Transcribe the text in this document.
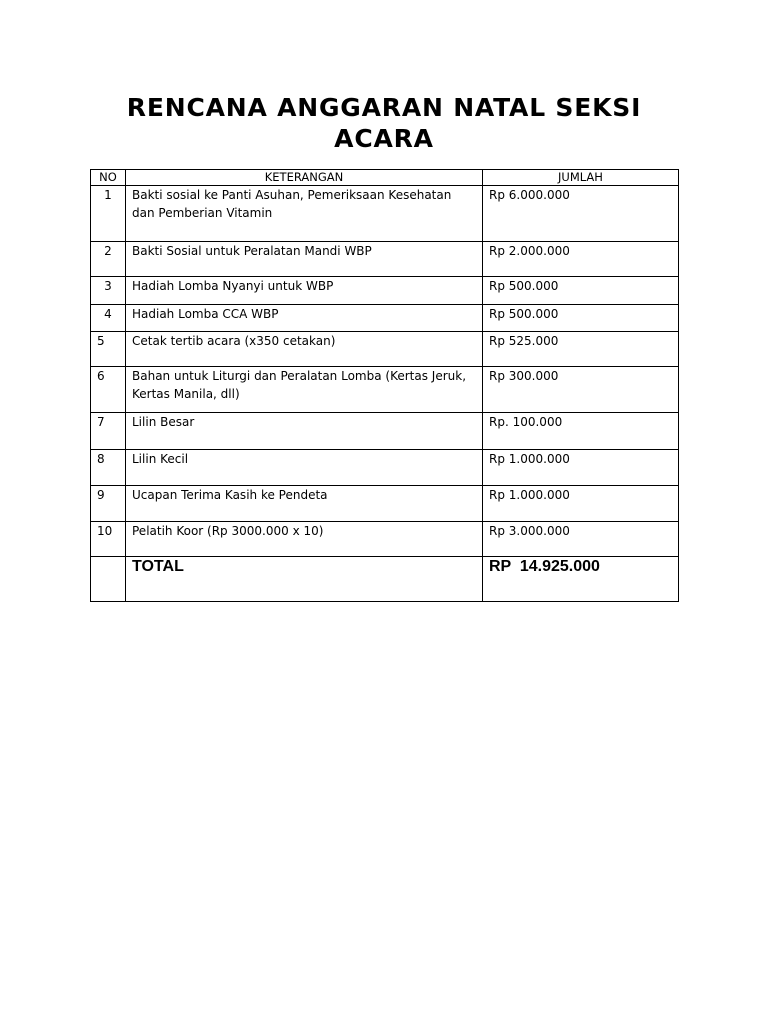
RENCANA ANGGARAN NATAL SEKSI ACARA
NO	KETERANGAN	JUMLAH
1	Bakti sosial ke Panti Asuhan, Pemeriksaan Kesehatan dan Pemberian Vitamin	Rp 6.000.000
2	Bakti Sosial untuk Peralatan Mandi WBP	Rp 2.000.000
3	Hadiah Lomba Nyanyi untuk WBP	Rp 500.000
4	Hadiah Lomba CCA WBP	Rp 500.000
5	Cetak tertib acara (x350 cetakan)	Rp 525.000
6	Bahan untuk Liturgi dan Peralatan Lomba (Kertas Jeruk, Kertas Manila, dll)	Rp 300.000
7	Lilin Besar	Rp. 100.000
8	Lilin Kecil	Rp 1.000.000
9	Ucapan Terima Kasih ke Pendeta	Rp 1.000.000
10	Pelatih Koor (Rp 3000.000 x 10)	Rp 3.000.000
	TOTAL	RP  14.925.000
